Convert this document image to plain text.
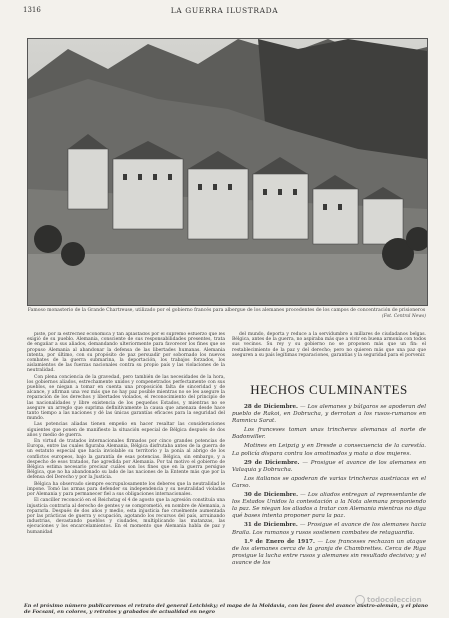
1316	LA GUERRA ILUSTRADA
Famoso monasterio de la Grande Chartreuse, utilizado por el gobierno francés para albergue de los alemanes procedentes de los campos de concentración de prisioneros
(Fot. Central News)

piste, por la estrechez económica y tan aplastados por el supremo esfuerzo que les exigió de su pueblo. Alemania, consciente de sus responsabilidades presentes, trata de engañar a sus aliados, demandando ulteriormente para favorecer los fines que se propuso Alemania al abandonar la defensa de las libertades humanas. Alemania intenta, por último, con su propósito de paz persuadir por sobornado los nuevos combates de la guerra submarina, la deportación, los trabajos forzados, los aislamientos de las fuerzas nacionales contra su propio país y las violaciones de la neutralidad.

Con plena conciencia de la gravedad, pero también de las necesidades de la hora, los gobiernos aliados, estrechamente unidos y compenetrados perfectamente con sus pueblos, se niegan a tomar en cuenta una proposición falta de sinceridad y de alcance, y afirman una vez más que no hay paz posible mientras no se les asegure la reparación de los derechos y libertades violados, el reconocimiento del principio de las nacionalidades y libre existencia de los pequeños Estados, y mientras no se asegure un arreglo que suprima definitivamente la causa que amenaza desde hace tanto tiempo a las naciones y dé las únicas garantías eficaces para la seguridad del mundo.

Las potencias aliadas tienen empeño en hacer resaltar las consideraciones siguientes que ponen de manifiesto la situación especial de Bélgica después de dos años y medio de guerra.

En virtud de tratados internacionales firmados por cinco grandes potencias de Europa, entre las cuales figuraba Alemania, Bélgica disfrutaba antes de la guerra de un estatuto especial que hacía inviolable su territorio y la ponía al abrigo de los conflictos europeos, bajo la garantía de esas potencias. Bélgica, sin embargo, y a despecho de esos tratados, fue agredida por Alemania. Por tal motivo el gobierno de Bélgica estima necesario precisar cuáles son los fines que en la guerra persigue Bélgica, que no ha abandonado su lado de las naciones de la Entente más que por la defensa del Derecho y por la Justicia.

Bélgica ha observado siempre escrupulosamente los deberes que la neutralidad le impone. Tomó las armas para defender su independencia y su neutralidad violadas por Alemania y para permanecer fiel a sus obligaciones internacionales.

El canciller reconoció en el Reichstag el 4 de agosto que la agresión constituía una injusticia contraria al derecho de gentes y se comprometió, en nombre de Alemania, a repararla. Después de dos años y medio, esta injusticia fue cruelmente aumentada por las prácticas de guerra y ocupación, agotando los recursos del país, arruinando industrias, devastando pueblos y ciudades, multiplicando las matanzas, las ejecuciones y los encarcelamientos. En el momento que Alemania habla de paz y humanidad

del mundo, deporta y reduce a la servidumbre a millares de ciudadanos belgas. Bélgica, antes de la guerra, no aspiraba más que a vivir en buena armonía con todos sus vecinos. Su rey y su gobierno no se proponen más que un fin: el restablecimiento de la paz y del derecho; pero no quieren más que una paz que aseguren a su país legítimas reparaciones, garantías y la seguridad para el porvenir.

HECHOS CULMINANTES

28 de Diciembre. — Los alemanes y búlgaros se apoderan del pueblo de Rakoi, en Dobrucha, y derrotan a los rusos-rumanos en Ramnicu Sarat.

Los franceses toman unas trincheras alemanas al norte de Badonviller.

Motines en Leipzig y en Dresde a consecuencia de la carestía. La policía dispara contra los amotinados y mata a dos mujeres.

29 de Diciembre. — Prosigue el avance de los alemanes en Valaquia y Dobrucha.

Los italianos se apoderan de varias trincheras austriacas en el Carso.

30 de Diciembre. — Los aliados entregan al representante de los Estados Unidos la contestación a la Nota alemana proponiendo la paz. Se niegan los aliados a tratar con Alemania mientras no diga qué bases intenta proponer para la paz.

31 de Diciembre. — Prosigue el avance de los alemanes hacia Braila. Los rumanos y rusos sostienen combates de retaguardia.

1.º de Enero de 1917. — Los franceses rechazan un ataque de los alemanes cerca de la granja de Chambrettes. Cerca de Riga prosigue la lucha entre rusos y alemanes sin resultado decisivo; y el avance de los

todocoleccion
En el próximo número publicaremos el retrato del general Letchisky; el mapa de la Moldavia, con las fases del avance austro-alemán, y el plano de Focsani, en colores, y retratos y grabados de actualidad en negro
